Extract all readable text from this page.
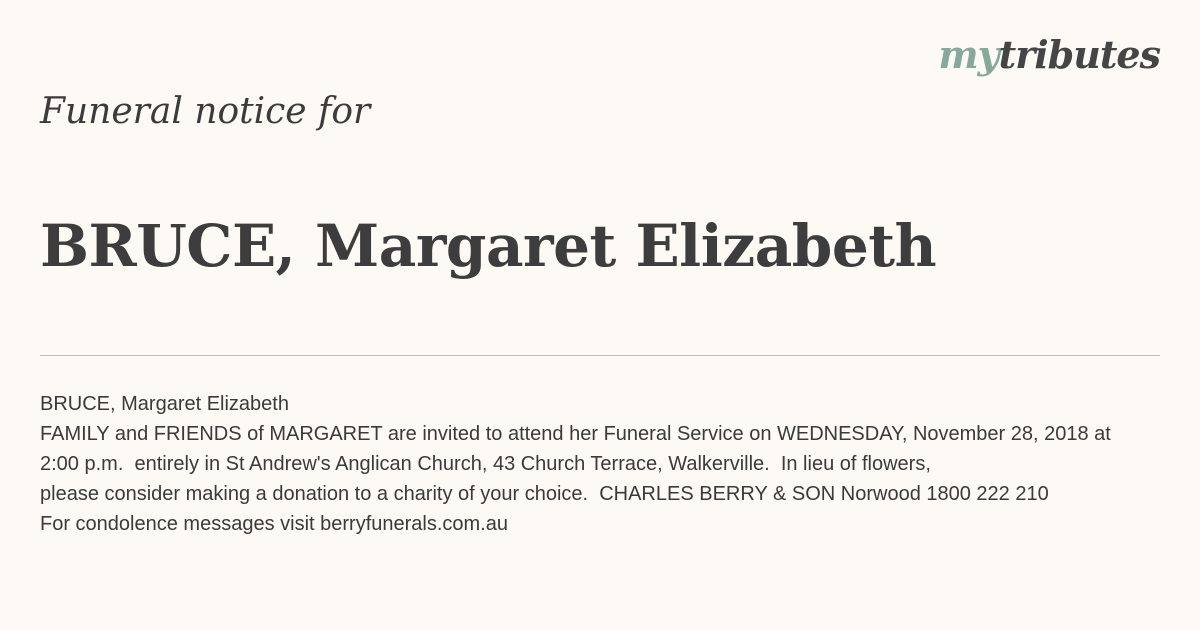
mytributes
Funeral notice for
BRUCE, Margaret Elizabeth
BRUCE, Margaret Elizabeth
FAMILY and FRIENDS of MARGARET are invited to attend her Funeral Service on WEDNESDAY, November 28, 2018 at
2:00 p.m.  entirely in St Andrew's Anglican Church, 43 Church Terrace, Walkerville.  In lieu of flowers,
please consider making a donation to a charity of your choice.  CHARLES BERRY & SON Norwood 1800 222 210
For condolence messages visit berryfunerals.com.au
